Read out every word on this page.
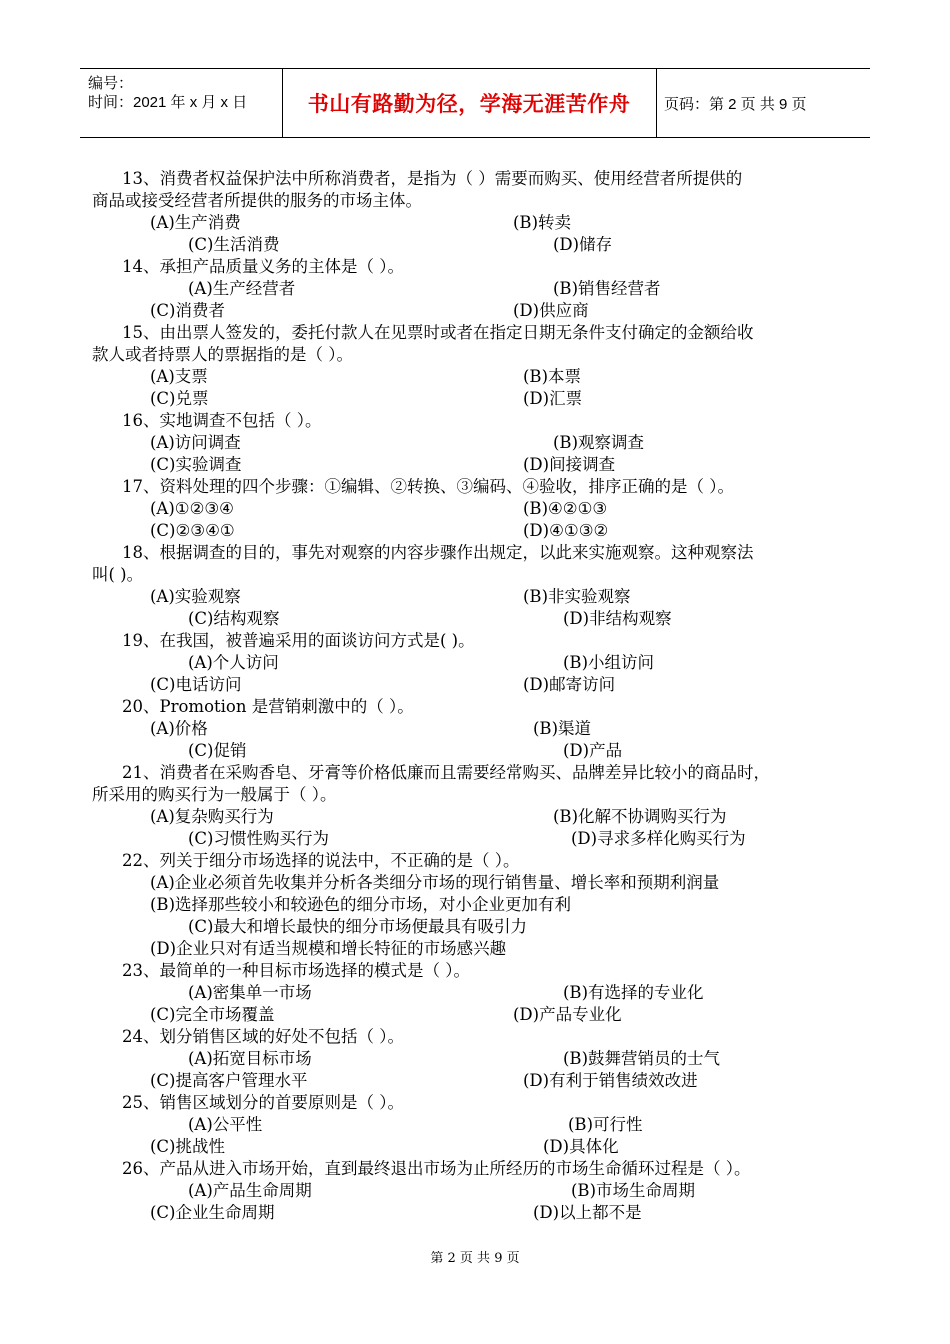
编号：
时间：2021 年 x 月 x 日	书山有路勤为径，学海无涯苦作舟 页码：第 2 页 共 9 页
13、消费者权益保护法中所称消费者，是指为（ ）需要而购买、使用经营者所提供的
商品或接受经营者所提供的服务的市场主体。
(A)生产消费	(B)转卖
(C)生活消费	(D)储存
14、承担产品质量义务的主体是（ ）。
(A)生产经营者	(B)销售经营者
(C)消费者	(D)供应商
15、由出票人签发的，委托付款人在见票时或者在指定日期无条件支付确定的金额给收
款人或者持票人的票据指的是（ ）。
(A)支票	(B)本票
(C)兑票	(D)汇票
16、实地调查不包括（ ）。
(A)访问调查	(B)观察调查
(C)实验调查	(D)间接调查
17、资料处理的四个步骤：①编辑、②转换、③编码、④验收，排序正确的是（ ）。
(A)①②③④	(B)④②①③
(C)②③④①	(D)④①③②
18、根据调查的目的，事先对观察的内容步骤作出规定，以此来实施观察。这种观察法
叫( )。
(A)实验观察	(B)非实验观察
(C)结构观察	(D)非结构观察
19、在我国，被普遍采用的面谈访问方式是( )。
(A)个人访问	(B)小组访问
(C)电话访问	(D)邮寄访问
20、Promotion 是营销刺激中的（ ）。
(A)价格	(B)渠道
(C)促销	(D)产品
21、消费者在采购香皂、牙膏等价格低廉而且需要经常购买、品牌差异比较小的商品时，
所采用的购买行为一般属于（ ）。
(A)复杂购买行为	(B)化解不协调购买行为
(C)习惯性购买行为	(D)寻求多样化购买行为
22、列关于细分市场选择的说法中，不正确的是（ ）。
(A)企业必须首先收集并分析各类细分市场的现行销售量、增长率和预期利润量
(B)选择那些较小和较逊色的细分市场，对小企业更加有利
(C)最大和增长最快的细分市场便最具有吸引力
(D)企业只对有适当规模和增长特征的市场感兴趣
23、最简单的一种目标市场选择的模式是（ ）。
(A)密集单一市场	(B)有选择的专业化
(C)完全市场覆盖	(D)产品专业化
24、划分销售区域的好处不包括（ ）。
(A)拓宽目标市场	(B)鼓舞营销员的士气
(C)提高客户管理水平	(D)有利于销售绩效改进
25、销售区域划分的首要原则是（ ）。
(A)公平性	(B)可行性
(C)挑战性	(D)具体化
26、产品从进入市场开始，直到最终退出市场为止所经历的市场生命循环过程是（ ）。
(A)产品生命周期	(B)市场生命周期
(C)企业生命周期	(D)以上都不是
第 2 页 共 9 页
